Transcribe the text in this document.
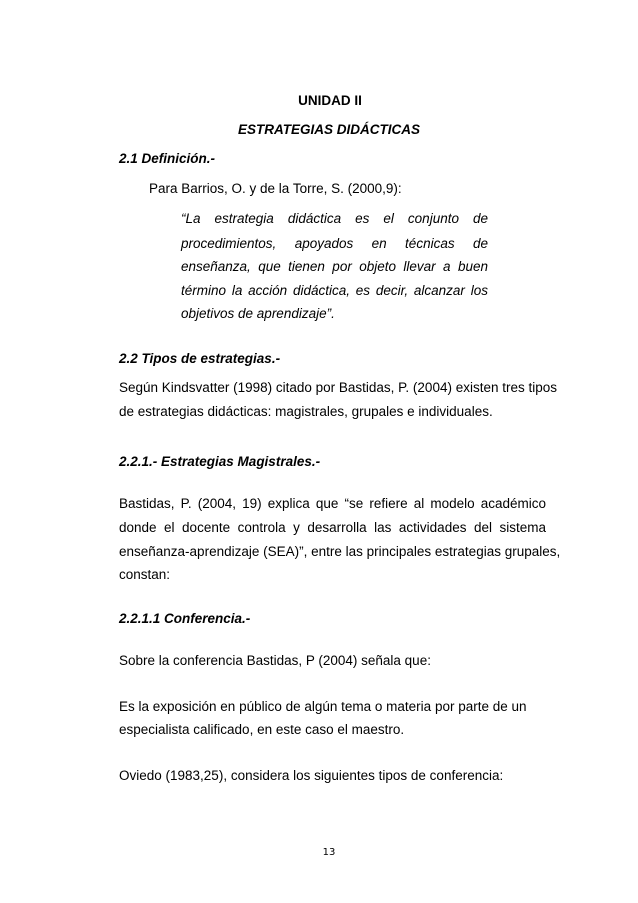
UNIDAD II

ESTRATEGIAS DIDÁCTICAS

2.1 Definición.-

Para Barrios, O. y de la Torre, S. (2000,9):

“La estrategia didáctica es el conjunto de

procedimientos, apoyados en técnicas de

enseñanza, que tienen por objeto llevar a buen

término la acción didáctica, es decir, alcanzar los

objetivos de aprendizaje”.

2.2 Tipos de estrategias.-

Según Kindsvatter (1998) citado por Bastidas, P. (2004) existen tres tipos

de estrategias didácticas: magistrales, grupales e individuales.

2.2.1.- Estrategias Magistrales.-

Bastidas, P. (2004, 19) explica que “se refiere al modelo académico

donde el docente controla y desarrolla las actividades del sistema

enseñanza-aprendizaje (SEA)”, entre las principales estrategias grupales,

constan:

2.2.1.1 Conferencia.-

Sobre la conferencia Bastidas, P (2004) señala que:

Es la exposición en público de algún tema o materia por parte de un

especialista calificado, en este caso el maestro.

Oviedo (1983,25), considera los siguientes tipos de conferencia:

13
